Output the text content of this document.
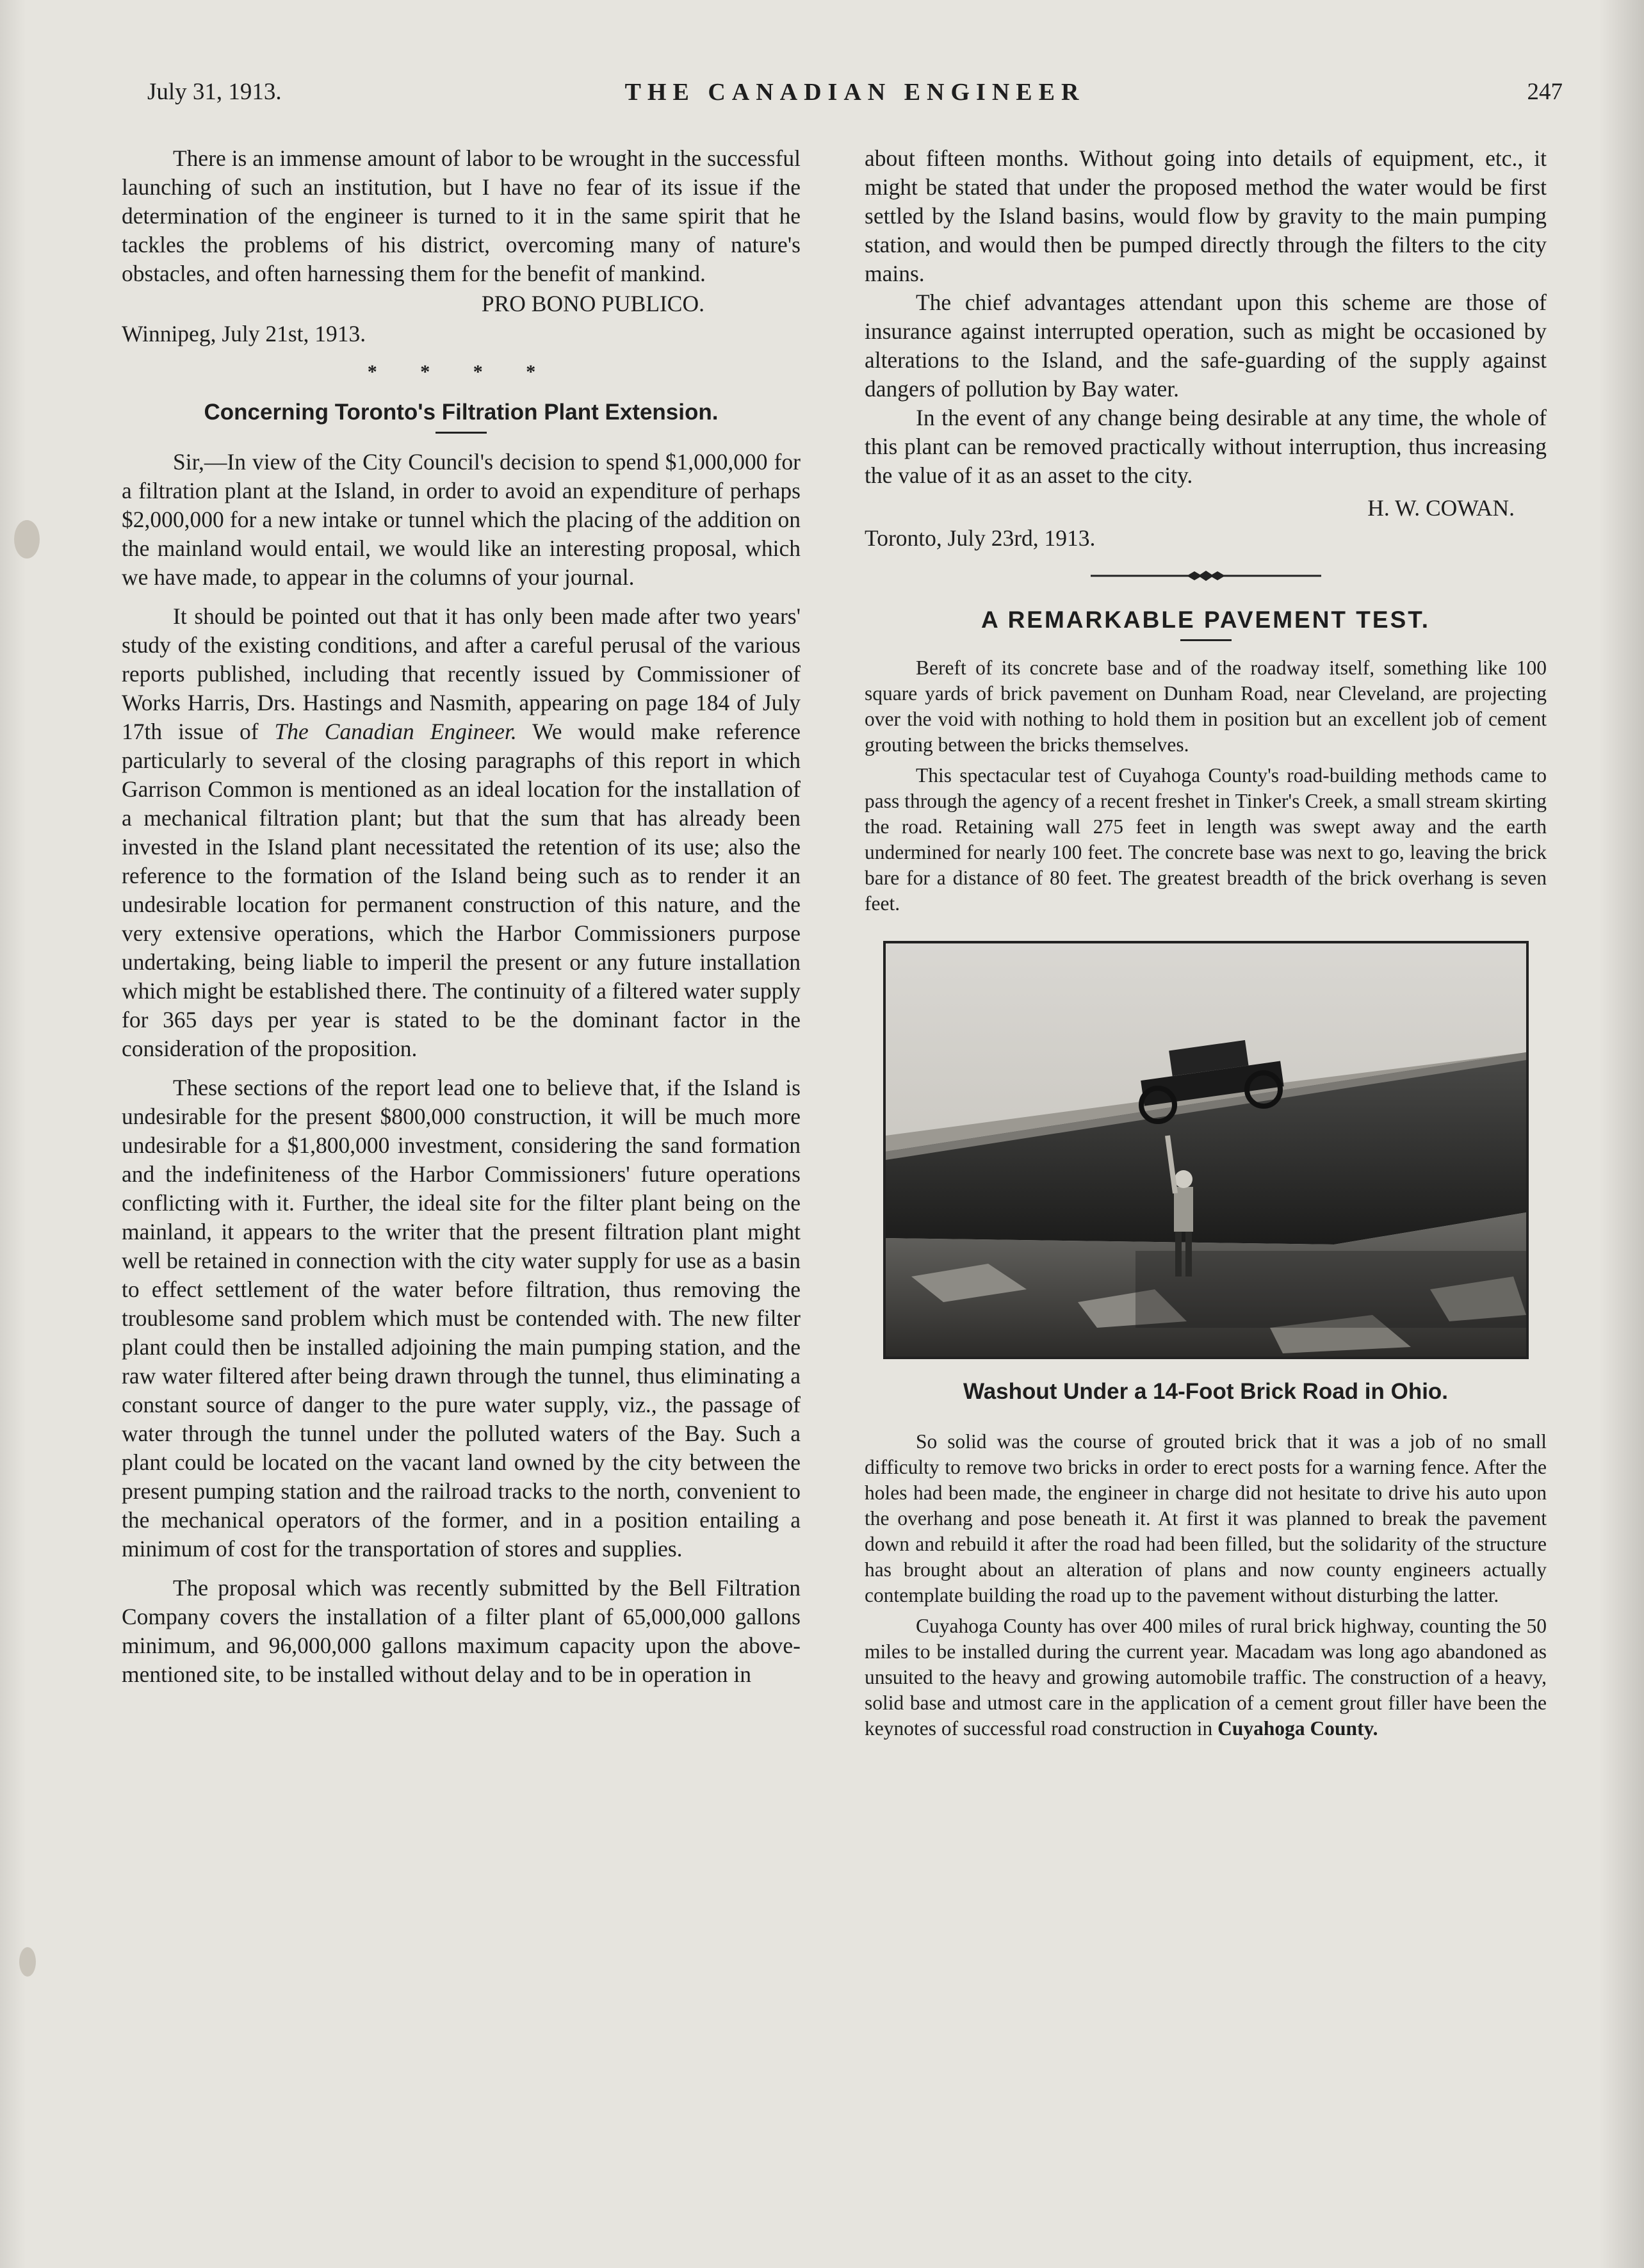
July 31, 1913.	THE CANADIAN ENGINEER	247

There is an immense amount of labor to be wrought in the successful launching of such an institution, but I have no fear of its issue if the determination of the engineer is turned to it in the same spirit that he tackles the problems of his district, overcoming many of nature's obstacles, and often harnessing them for the benefit of mankind.

PRO BONO PUBLICO.
Winnipeg, July 21st, 1913.
* * * *
Concerning Toronto's Filtration Plant Extension.

Sir,—In view of the City Council's decision to spend $1,000,000 for a filtration plant at the Island, in order to avoid an expenditure of perhaps $2,000,000 for a new intake or tunnel which the placing of the addition on the mainland would entail, we would like an interesting proposal, which we have made, to appear in the columns of your journal.

It should be pointed out that it has only been made after two years' study of the existing conditions, and after a careful perusal of the various reports published, including that recently issued by Commissioner of Works Harris, Drs. Hastings and Nasmith, appearing on page 184 of July 17th issue of The Canadian Engineer. We would make reference particularly to several of the closing paragraphs of this report in which Garrison Common is mentioned as an ideal location for the installation of a mechanical filtration plant; but that the sum that has already been invested in the Island plant necessitated the retention of its use; also the reference to the formation of the Island being such as to render it an undesirable location for permanent construction of this nature, and the very extensive operations, which the Harbor Commissioners purpose undertaking, being liable to imperil the present or any future installation which might be established there. The continuity of a filtered water supply for 365 days per year is stated to be the dominant factor in the consideration of the proposition.

These sections of the report lead one to believe that, if the Island is undesirable for the present $800,000 construction, it will be much more undesirable for a $1,800,000 investment, considering the sand formation and the indefiniteness of the Harbor Commissioners' future operations conflicting with it. Further, the ideal site for the filter plant being on the mainland, it appears to the writer that the present filtration plant might well be retained in connection with the city water supply for use as a basin to effect settlement of the water before filtration, thus removing the troublesome sand problem which must be contended with. The new filter plant could then be installed adjoining the main pumping station, and the raw water filtered after being drawn through the tunnel, thus eliminating a constant source of danger to the pure water supply, viz., the passage of water through the tunnel under the polluted waters of the Bay. Such a plant could be located on the vacant land owned by the city between the present pumping station and the railroad tracks to the north, convenient to the mechanical operators of the former, and in a position entailing a minimum of cost for the transportation of stores and supplies.

The proposal which was recently submitted by the Bell Filtration Company covers the installation of a filter plant of 65,000,000 gallons minimum, and 96,000,000 gallons maximum capacity upon the above-mentioned site, to be installed without delay and to be in operation in

about fifteen months. Without going into details of equipment, etc., it might be stated that under the proposed method the water would be first settled by the Island basins, would flow by gravity to the main pumping station, and would then be pumped directly through the filters to the city mains.

The chief advantages attendant upon this scheme are those of insurance against interrupted operation, such as might be occasioned by alterations to the Island, and the safe-guarding of the supply against dangers of pollution by Bay water.

In the event of any change being desirable at any time, the whole of this plant can be removed practically without interruption, thus increasing the value of it as an asset to the city.

H. W. COWAN.
Toronto, July 23rd, 1913.
A REMARKABLE PAVEMENT TEST.

Bereft of its concrete base and of the roadway itself, something like 100 square yards of brick pavement on Dunham Road, near Cleveland, are projecting over the void with nothing to hold them in position but an excellent job of cement grouting between the bricks themselves.

This spectacular test of Cuyahoga County's road-building methods came to pass through the agency of a recent freshet in Tinker's Creek, a small stream skirting the road. Retaining wall 275 feet in length was swept away and the earth undermined for nearly 100 feet. The concrete base was next to go, leaving the brick bare for a distance of 80 feet. The greatest breadth of the brick overhang is seven feet.

Washout Under a 14-Foot Brick Road in Ohio.

So solid was the course of grouted brick that it was a job of no small difficulty to remove two bricks in order to erect posts for a warning fence. After the holes had been made, the engineer in charge did not hesitate to drive his auto upon the overhang and pose beneath it. At first it was planned to break the pavement down and rebuild it after the road had been filled, but the solidarity of the structure has brought about an alteration of plans and now county engineers actually contemplate building the road up to the pavement without disturbing the latter.

Cuyahoga County has over 400 miles of rural brick highway, counting the 50 miles to be installed during the current year. Macadam was long ago abandoned as unsuited to the heavy and growing automobile traffic. The construction of a heavy, solid base and utmost care in the application of a cement grout filler have been the keynotes of successful road construction in Cuyahoga County.
